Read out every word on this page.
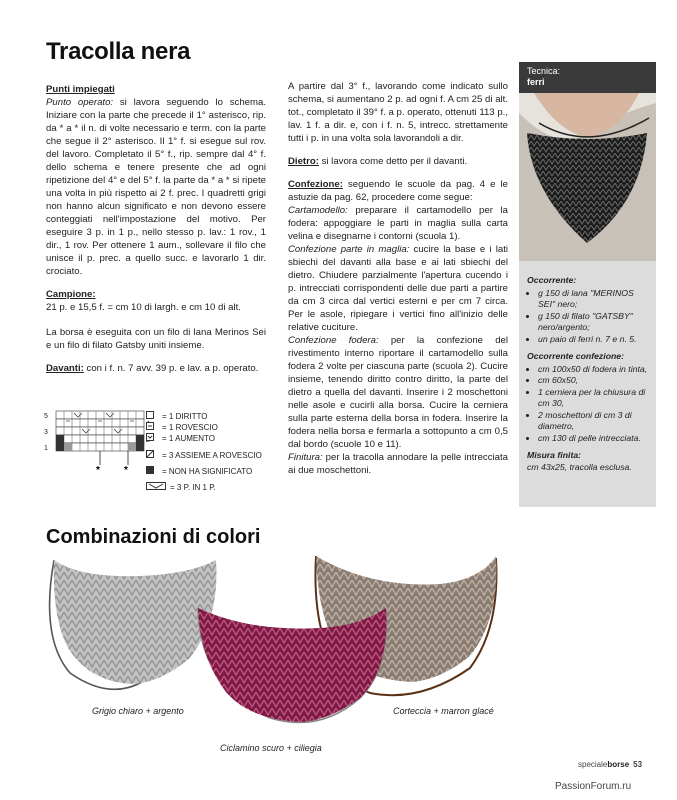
Tracolla nera
Punti impiegati

Punto operato: si lavora seguendo lo schema. Iniziare con la parte che precede il 1° asterisco, rip. da * a * il n. di volte necessario e term. con la parte che segue il 2° asterisco. Il 1° f. si esegue sul rov. del lavoro. Completato il 5° f., rip. sempre dal 4° f. dello schema e tenere presente che ad ogni ripetizione del 4° e del 5° f. la parte da * a * si ripete una volta in più rispetto ai 2 f. prec. I quadretti grigi non hanno alcun significato e non devono essere conteggiati nell'impostazione del motivo. Per eseguire 3 p. in 1 p., nello stesso p. lav.: 1 rov., 1 dir., 1 rov. Per ottenere 1 aum., sollevare il filo che unisce il p. prec. a quello succ. e lavorarlo 1 dir. crociato.

Campione:

21 p. e 15,5 f. = cm 10 di largh. e cm 10 di alt.

La borsa è eseguita con un filo di lana Merinos Sei e un filo di filato Gatsby uniti insieme.

Davanti: con i f. n. 7 avv. 39 p. e lav. a p. operato.

5
3
1
* *
= 1 DIRITTO
= 1 ROVESCIO
= 1 AUMENTO
= 3 ASSIEME A ROVESCIO
= NON HA SIGNIFICATO
= 3 P. IN 1 P.

A partire dal 3° f., lavorando come indicato sullo schema, si aumentano 2 p. ad ogni f. A cm 25 di alt. tot., completato il 39° f. a p. operato, ottenuti 113 p., lav. 1 f. a dir. e, con i f. n. 5, intrecc. strettamente tutti i p. in una volta sola lavorandoli a dir.

Dietro: si lavora come detto per il davanti.

Confezione: seguendo le scuole da pag. 4 e le astuzie da pag. 62, procedere come segue:

Cartamodello: preparare il cartamodello per la fodera: appoggiare le parti in maglia sulla carta velina e disegnarne i contorni (scuola 1).

Confezione parte in maglia: cucire la base e i lati sbiechi del davanti alla base e ai lati sbiechi del dietro. Chiudere parzialmente l'apertura cucendo i p. intrecciati corrispondenti delle due parti a partire da cm 3 circa dal vertici esterni e per cm 7 circa. Per le asole, ripiegare i vertici fino all'inizio delle relative cuciture.

Confezione fodera: per la confezione del rivestimento interno riportare il cartamodello sulla fodera 2 volte per ciascuna parte (scuola 2). Cucire insieme, tenendo diritto contro diritto, la parte del dietro a quella del davanti. Inserire i 2 moschettoni nelle asole e cucirli alla borsa. Cucire la cerniera sulla parte esterna della borsa in fodera. Inserire la fodera nella borsa e fermarla a sottopunto a cm 0,5 dal bordo (scuole 10 e 11).

Finitura: per la tracolla annodare la pelle intrecciata ai due moschettoni.

Tecnica:
ferri
Occorrente:
• g 150 di lana "MERINOS SEI" nero;
• g 150 di filato "GATSBY" nero/argento;
• un paio di ferri n. 7 e n. 5.
Occorrente confezione:
• cm 100x50 di fodera in tinta,
• cm 60x50,
• 1 cerniera per la chiusura di cm 30,
• 2 moschettoni di cm 3 di diametro,
• cm 130 di pelle intrecciata.
Misura finita:
cm 43x25, tracolla esclusa.
Combinazioni di colori
Grigio chiaro + argento
Ciclamino scuro + ciliegia
Corteccia + marron glacé
specialeborse 53
PassionForum.ru
